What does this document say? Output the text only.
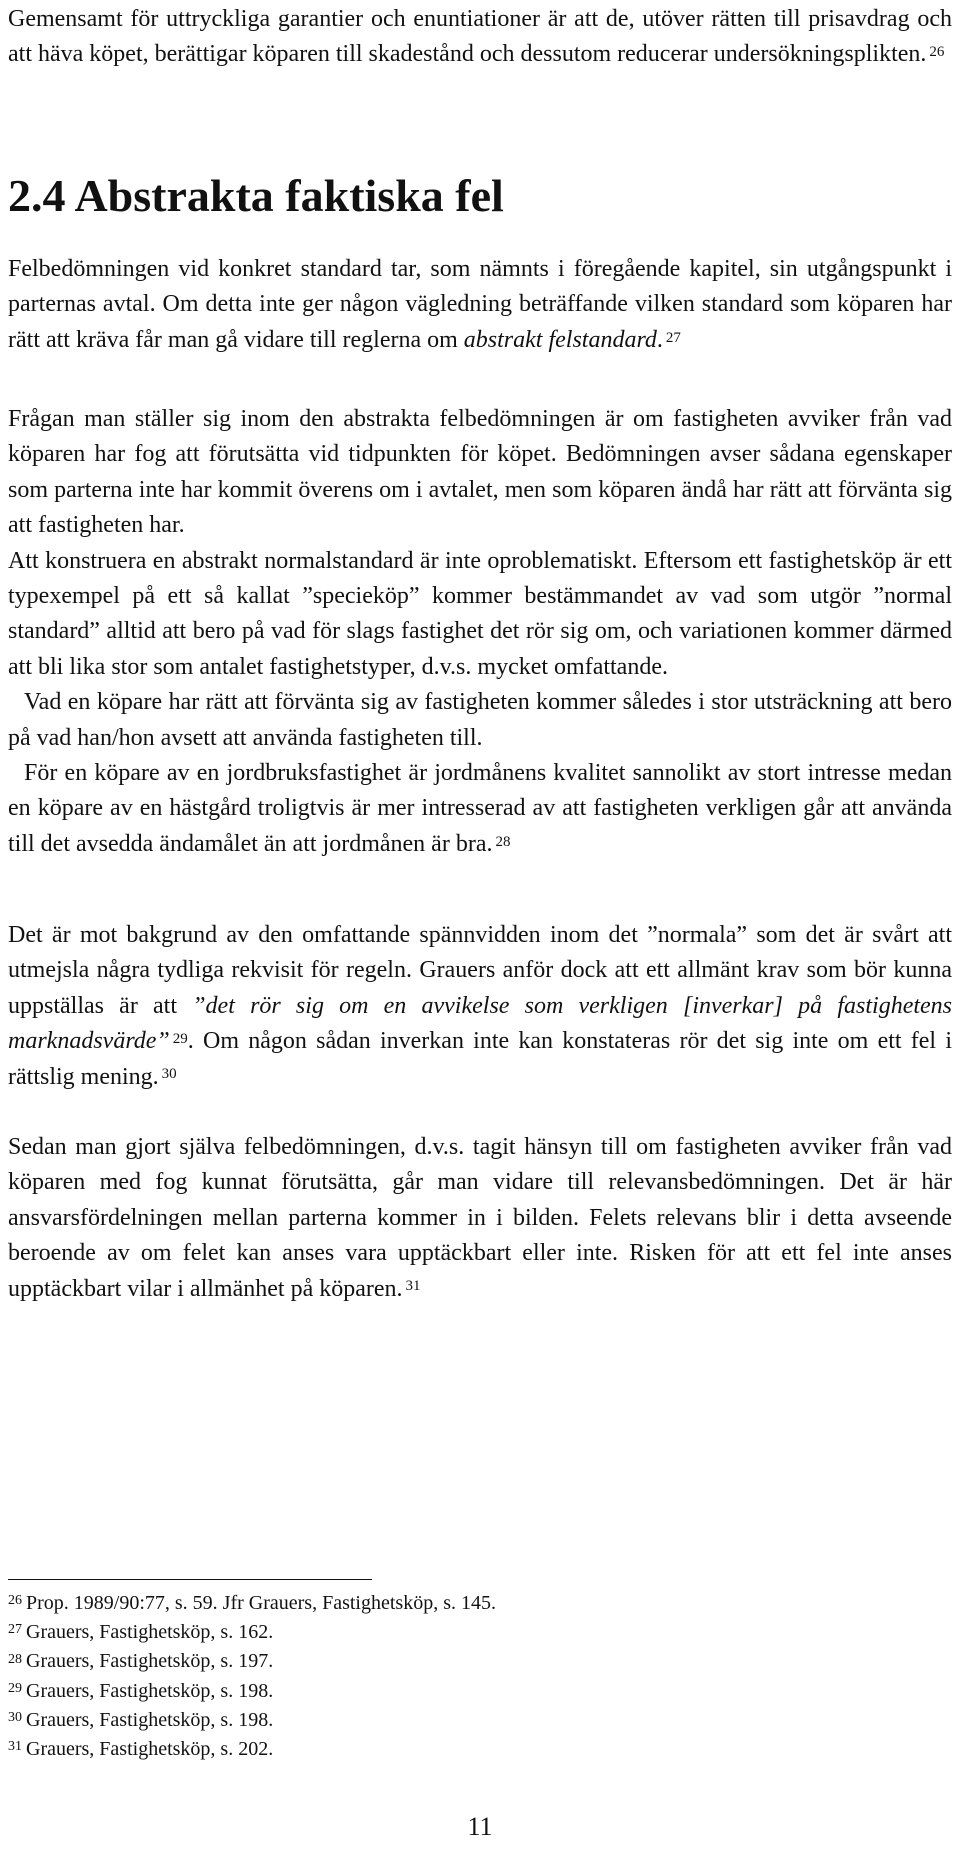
Gemensamt för uttryckliga garantier och enuntiationer är att de, utöver rätten till prisavdrag och att häva köpet, berättigar köparen till skadestånd och dessutom reducerar undersökningsplikten. $^{26}$

2.4 Abstrakta faktiska fel

Felbedömningen vid konkret standard tar, som nämnts i föregående kapitel, sin utgångspunkt i parternas avtal. Om detta inte ger någon vägledning beträffande vilken standard som köparen har rätt att kräva får man gå vidare till reglerna om abstrakt felstandard. $^{27}$

Frågan man ställer sig inom den abstrakta felbedömningen är om fastigheten avviker från vad köparen har fog att förutsätta vid tidpunkten för köpet. Bedömningen avser sådana egenskaper som parterna inte har kommit överens om i avtalet, men som köparen ändå har rätt att förvänta sig att fastigheten har.

Att konstruera en abstrakt normalstandard är inte oproblematiskt. Eftersom ett fastighetsköp är ett typexempel på ett så kallat ”specieköp” kommer bestämmandet av vad som utgör ”normal standard” alltid att bero på vad för slags fastighet det rör sig om, och variationen kommer därmed att bli lika stor som antalet fastighetstyper, d.v.s. mycket omfattande.

Vad en köpare har rätt att förvänta sig av fastigheten kommer således i stor utsträckning att bero på vad han/hon avsett att använda fastigheten till.

För en köpare av en jordbruksfastighet är jordmånens kvalitet sannolikt av stort intresse medan en köpare av en hästgård troligtvis är mer intresserad av att fastigheten verkligen går att använda till det avsedda ändamålet än att jordmånen är bra. $^{28}$

Det är mot bakgrund av den omfattande spännvidden inom det ”normala” som det är svårt att utmejsla några tydliga rekvisit för regeln. Grauers anför dock att ett allmänt krav som bör kunna uppställas är att ”det rör sig om en avvikelse som verkligen [inverkar] på fastighetens marknadsvärde” $^{29}$. Om någon sådan inverkan inte kan konstateras rör det sig inte om ett fel i rättslig mening. $^{30}$

Sedan man gjort själva felbedömningen, d.v.s. tagit hänsyn till om fastigheten avviker från vad köparen med fog kunnat förutsätta, går man vidare till relevansbedömningen. Det är här ansvarsfördelningen mellan parterna kommer in i bilden. Felets relevans blir i detta avseende beroende av om felet kan anses vara upptäckbart eller inte. Risken för att ett fel inte anses upptäckbart vilar i allmänhet på köparen. $^{31}$

$^{26}$ Prop. 1989/90:77, s. 59. Jfr Grauers, Fastighetsköp, s. 145.

$^{27}$ Grauers, Fastighetsköp, s. 162.

$^{28}$ Grauers, Fastighetsköp, s. 197.

$^{29}$ Grauers, Fastighetsköp, s. 198.

$^{30}$ Grauers, Fastighetsköp, s. 198.

$^{31}$ Grauers, Fastighetsköp, s. 202.

11
